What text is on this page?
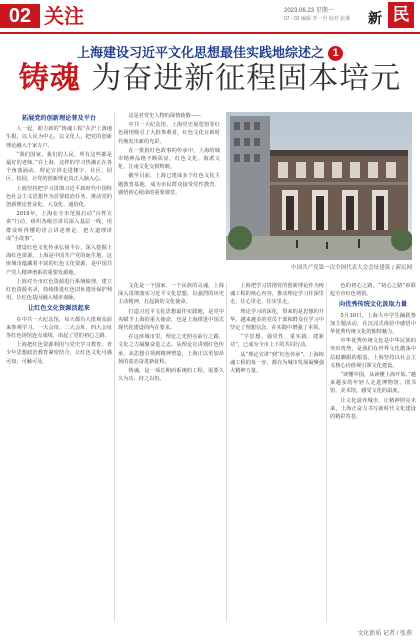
02 关注	2023.06.23 星期一
07 - 02 编辑 李一舟 校对 张燕 新 民
上海建设习近平文化思想最佳实践地综述之 1
铸魂 为奋进新征程固本培元
中国共产党第一次全国代表大会会址建筑 / 新民网
拓展党的创新理论普及平台

人一起，助力新的“铸魂工程”在沪上落地生根，以人民为中心，以文化人，把党的创新理论融入千家万户。

“我们国家，我们的人民，所有这些都是最好的老师。”在上海，这样的学习热潮正在各个角落涌动，理论宣讲走进楼宇、社区、园区、校园，让党的创新理论真正入脑入心。

上海坚持把学习贯彻习近平新时代中国特色社会主义思想作为首要政治任务，推动党的创新理论普及化、大众化、通俗化。

2018年，上海在全市范围启动“百姓宣讲”行动，组织各级宣讲员深入基层一线，用群众听得懂的语言讲述理论，把大道理讲成“小故事”。

建设红色文化传承弘扬平台，深入挖掘上海红色资源。上海是中国共产党的诞生地，这座城市蕴藏着丰富的红色文化资源，是中国共产党人精神谱系的重要发源地。

上海对全市红色资源进行系统梳理，建立红色资源名录，持续推进红色旧址遗址保护利用，让红色基因融入城市血脉。

让红色文化资源活起来

在中共一大纪念馆，每天都有大批观众前来参观学习。一大会址、二大会址、四大会址等红色场馆连点成线，串起了党的初心之路。

上海把红色资源利用与党史学习教育、青少年思想政治教育紧密结合，让红色文化可感可知、可触可及。

这是对党史人物的深情致敬——

中共一大纪念馆、上海党史展览馆等红色场馆吸引了大批参观者，红色文化在新时代焕发出新的光彩。

在一批批红色故事的传承中，上海的城市精神品格不断彰显，红色文化、海派文化、江南文化交相辉映。

截至目前，上海已建成多个红色文化主题教育基地，成为市民群众接受党性教育、感悟初心使命的重要课堂。

文化是一个国家、一个民族的灵魂。上海深入贯彻落实习近平文化思想，以强烈的历史主动精神，扛起新的文化使命。

打造习近平文化思想最佳实践地，是党中央赋予上海的重大使命，也是上海推进中国式现代化建设的内在要求。

在这座城市里，理论之光照亮前行之路，文化之力凝聚奋进之志。从理论宣讲到红色传承，从思想引领到精神塑造，上海正以更加昂扬的姿态奋进新征程。

铸魂，是一项长期而系统的工程，需要久久为功、持之以恒。

上海把学习贯彻党的创新理论作为铸魂工程的核心内容，推动理论学习往深里走、往心里走、往实里走。

理论学习的深化，带来的是思想的升华。越来越多的党员干部和群众在学习中坚定了理想信念，在实践中增强了本领。

“学思想、强党性、重实践、建新功”，已成为全市上下的共同行动。

从“理论宣讲”到“红色传承”，上海铸魂工程的每一步，都在为城市发展凝聚强大精神力量。

色的初心之路。“初心之路”串联起全市红色场馆。

向优秀传统文化汲取力量

5月30日，上海大中学生踊跃参加主题活动，在沉浸式体验中感悟中华优秀传统文化的独特魅力。

中华优秀传统文化是中华民族的突出优势，是我们在世界文化激荡中站稳脚跟的根基。上海坚持以社会主义核心价值观引领文化建设。

“读懂中国，从读懂上海开始。”越来越多的年轻人走进博物馆、图书馆、美术馆，感受文化的温度。

让文化滋养城市，让精神照亮未来，上海正奋力书写新时代文化建设的精彩答卷。

文化新质 记者 / 张燕
